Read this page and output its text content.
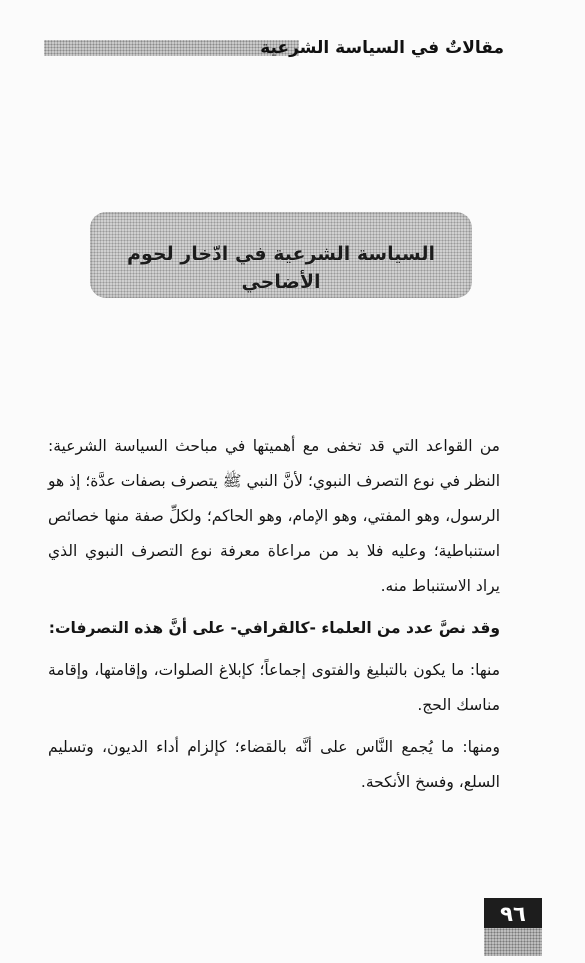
مقالاتٌ في السياسة الشرعية
السياسة الشرعية في ادّخار لحوم الأضاحي

من القواعد التي قد تخفى مع أهميتها في مباحث السياسة الشرعية: النظر في نوع التصرف النبوي؛ لأنَّ النبي ﷺ يتصرف بصفات عدَّة؛ إذ هو الرسول، وهو المفتي، وهو الإمام، وهو الحاكم؛ ولكلِّ صفة منها خصائص استنباطية؛ وعليه فلا بد من مراعاة معرفة نوع التصرف النبوي الذي يراد الاستنباط منه.

وقد نصَّ عدد من العلماء -كالقرافي- على أنَّ هذه التصرفات:

منها: ما يكون بالتبليغ والفتوى إجماعاً؛ كإبلاغ الصلوات، وإقامتها، وإقامة مناسك الحج.

ومنها: ما يُجمع النَّاس على أنَّه بالقضاء؛ كإلزام أداء الديون، وتسليم السلع، وفسخ الأنكحة.

٩٦
